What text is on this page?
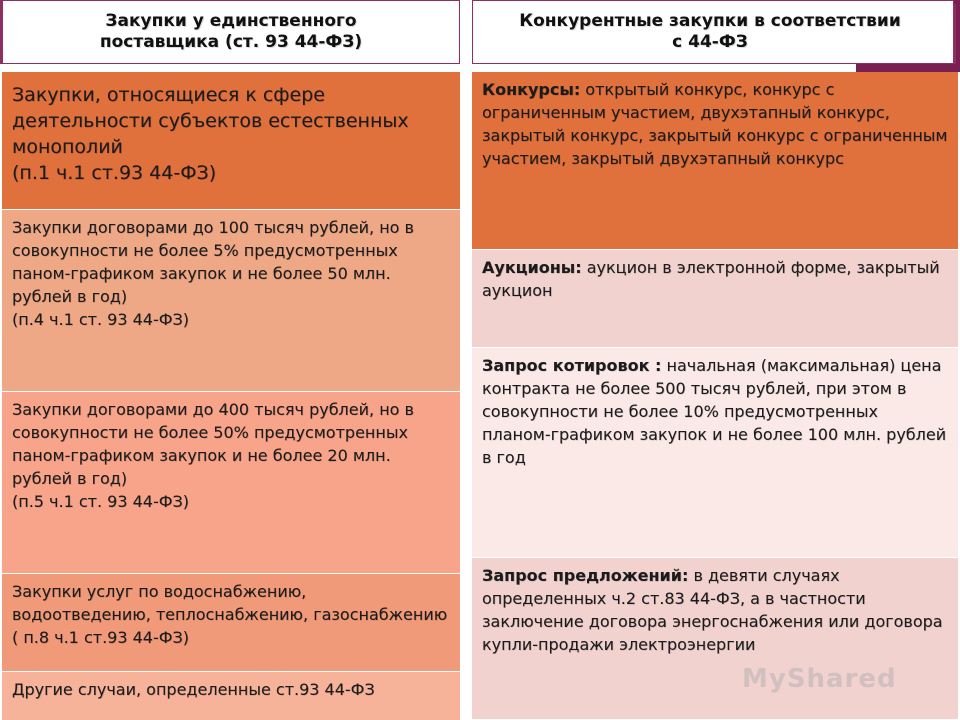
Закупки у единственного
поставщика (ст. 93 44-ФЗ)
Конкурентные закупки в соответствии
с 44-ФЗ
Закупки, относящиеся к сфере деятельности субъектов естественных монополий
(п.1 ч.1 ст.93 44-ФЗ)
Закупки договорами до 100 тысяч рублей, но в совокупности не более 5% предусмотренных паном-графиком закупок и не более 50 млн. рублей в год)
(п.4 ч.1 ст. 93 44-ФЗ)
Закупки договорами до 400 тысяч рублей, но в совокупности не более 50% предусмотренных паном-графиком закупок и не более 20 млн. рублей в год)
(п.5 ч.1 ст. 93 44-ФЗ)
Закупки услуг по водоснабжению, водоотведению, теплоснабжению, газоснабжению ( п.8 ч.1 ст.93 44-ФЗ)
Другие случаи, определенные ст.93 44-ФЗ
Конкурсы: открытый конкурс, конкурс с ограниченным участием, двухэтапный конкурс, закрытый конкурс, закрытый конкурс с ограниченным участием, закрытый двухэтапный конкурс
Аукционы: аукцион в электронной форме, закрытый аукцион
Запрос котировок : начальная (максимальная) цена контракта не более 500 тысяч рублей, при этом в совокупности не более 10% предусмотренных планом-графиком закупок и не более 100 млн. рублей в год
Запрос предложений: в девяти случаях определенных ч.2 ст.83 44-ФЗ, а в частности заключение договора энергоснабжения или договора купли-продажи электроэнергии
MyShared
